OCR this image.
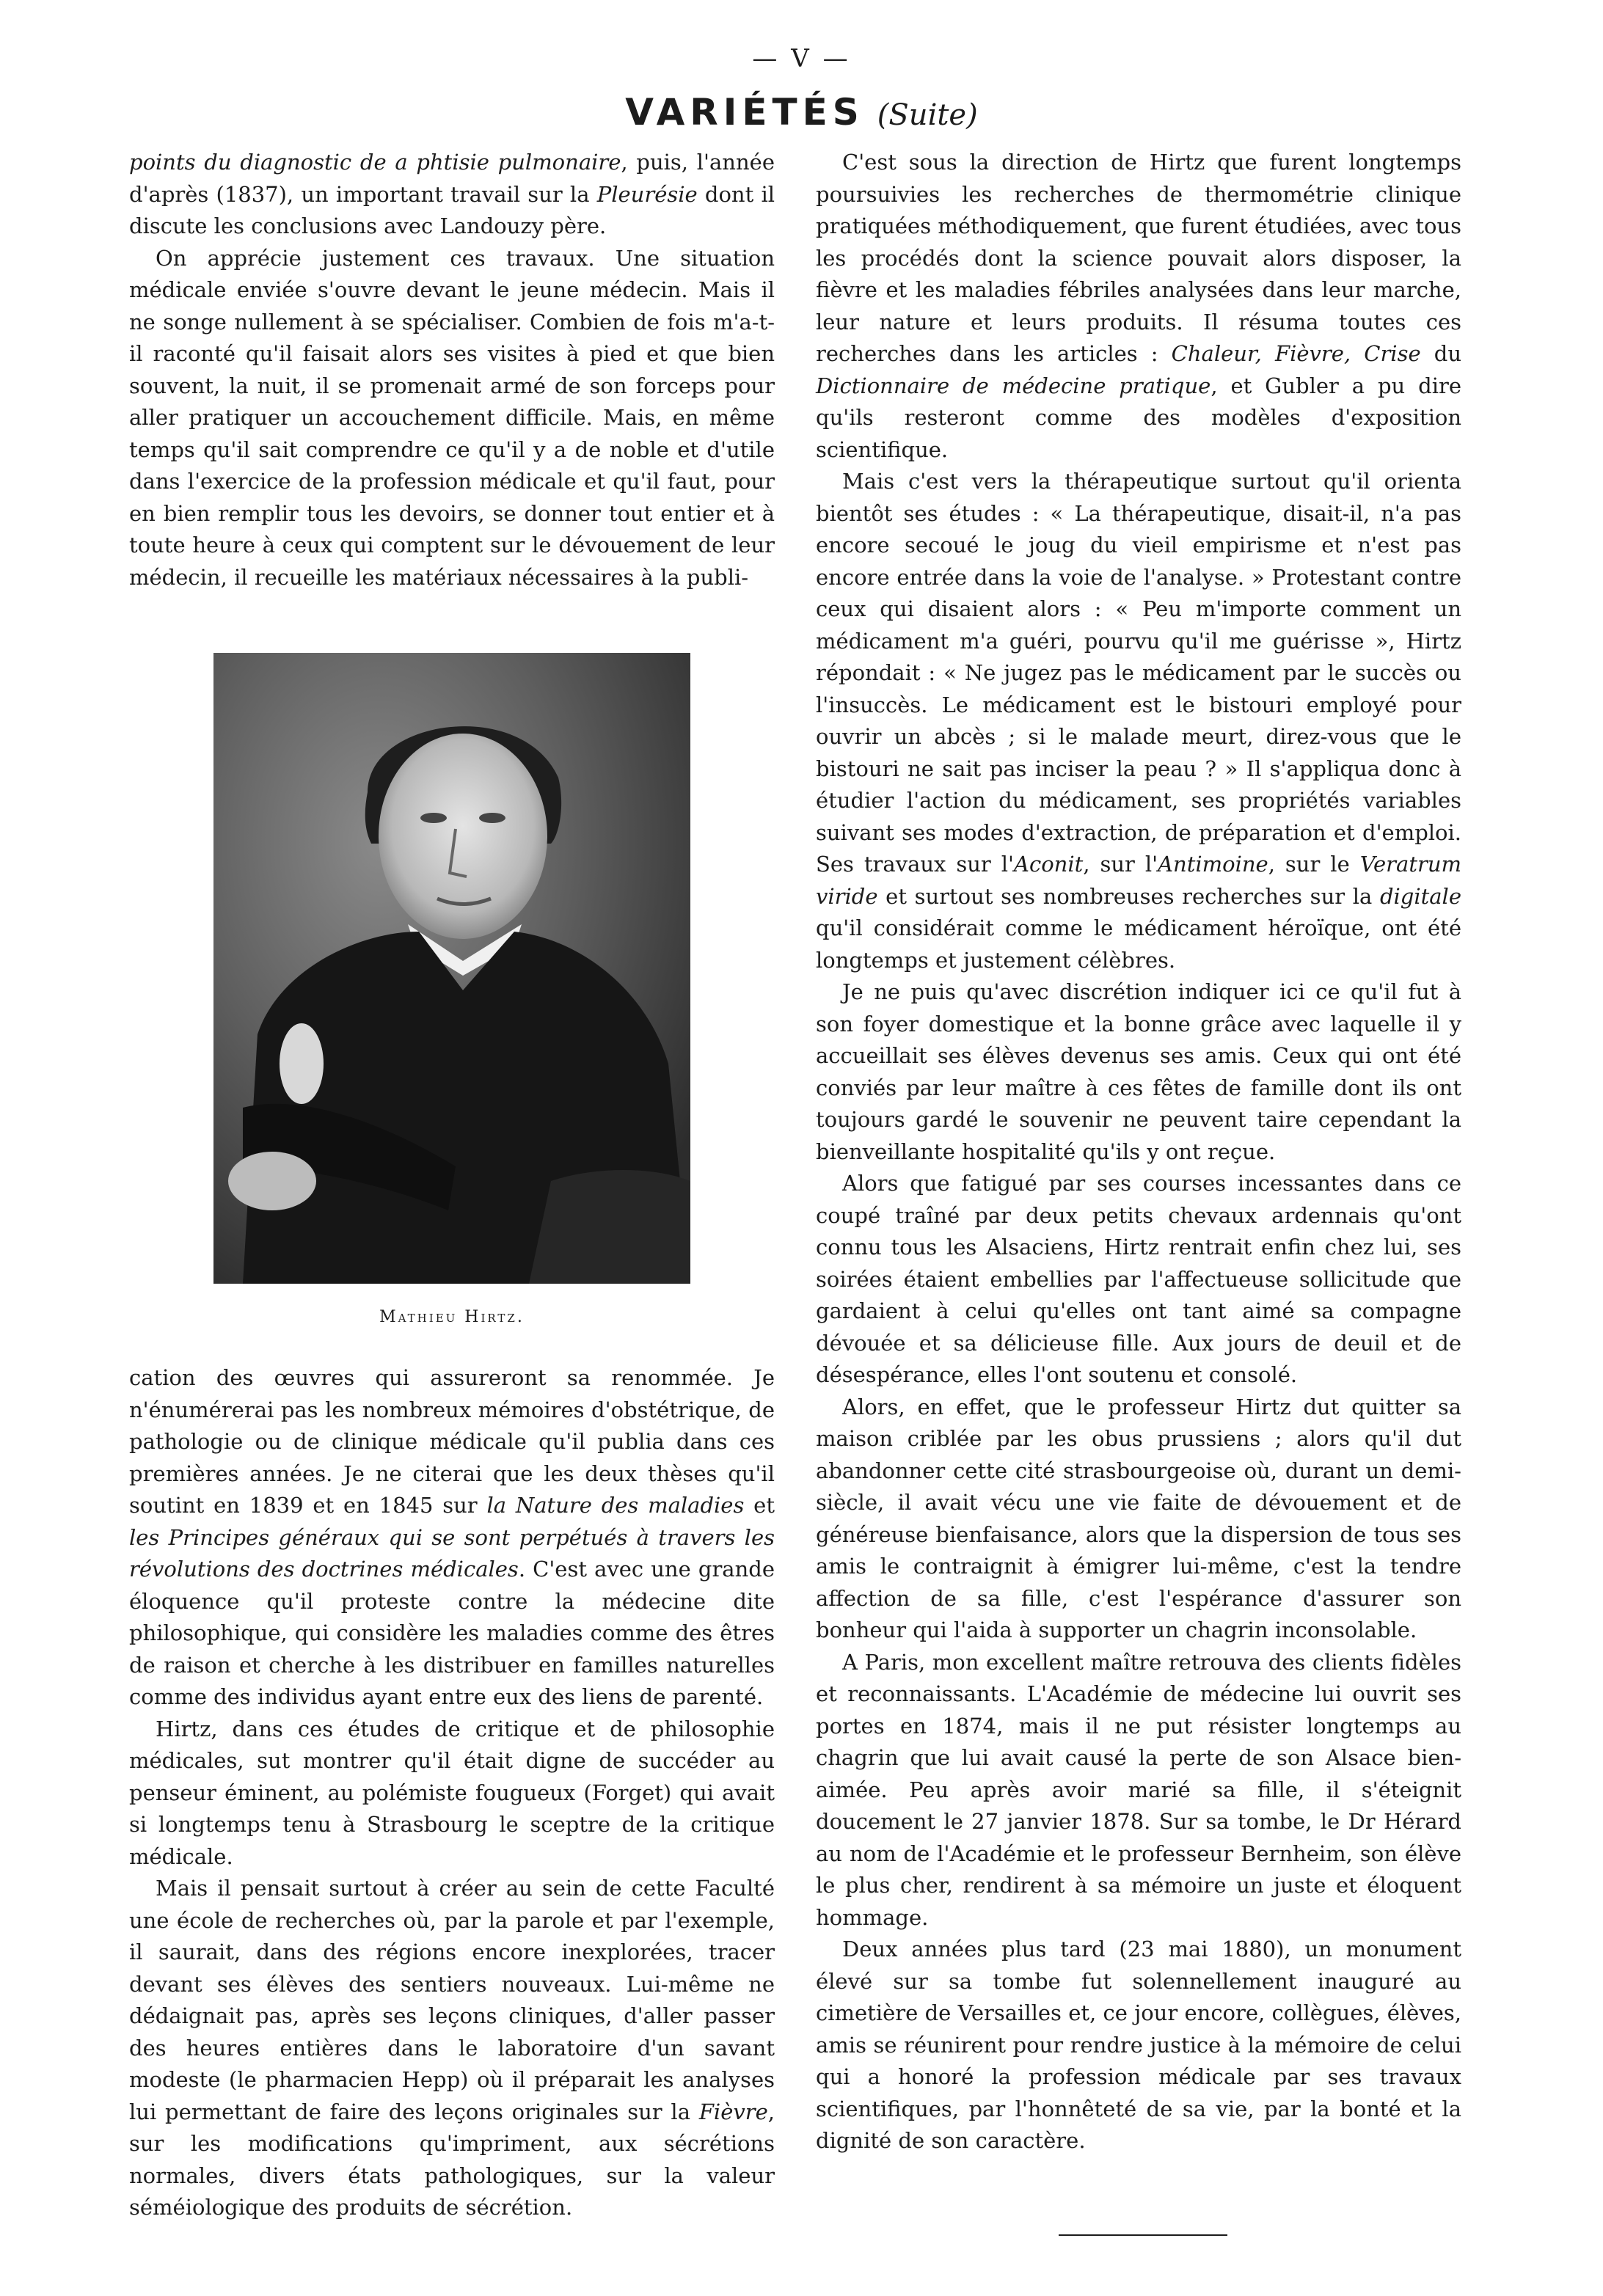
— V —
VARIÉTÉS (Suite)

points du diagnostic de a phtisie pulmonaire, puis, l'année d'après (1837), un important travail sur la Pleurésie dont il discute les conclusions avec Landouzy père.

On apprécie justement ces travaux. Une situation médicale enviée s'ouvre devant le jeune médecin. Mais il ne songe nullement à se spécialiser. Combien de fois m'a-t-il raconté qu'il faisait alors ses visites à pied et que bien souvent, la nuit, il se promenait armé de son forceps pour aller pratiquer un accouchement difficile. Mais, en même temps qu'il sait comprendre ce qu'il y a de noble et d'utile dans l'exercice de la profession médicale et qu'il faut, pour en bien remplir tous les devoirs, se donner tout entier et à toute heure à ceux qui comptent sur le dévouement de leur médecin, il recueille les matériaux nécessaires à la publi-

Mathieu Hirtz.

cation des œuvres qui assureront sa renommée. Je n'énumérerai pas les nombreux mémoires d'obstétrique, de pathologie ou de clinique médicale qu'il publia dans ces premières années. Je ne citerai que les deux thèses qu'il soutint en 1839 et en 1845 sur la Nature des maladies et les Principes généraux qui se sont perpétués à travers les révolutions des doctrines médicales. C'est avec une grande éloquence qu'il proteste contre la médecine dite philosophique, qui considère les maladies comme des êtres de raison et cherche à les distribuer en familles naturelles comme des individus ayant entre eux des liens de parenté.

Hirtz, dans ces études de critique et de philosophie médicales, sut montrer qu'il était digne de succéder au penseur éminent, au polémiste fougueux (Forget) qui avait si longtemps tenu à Strasbourg le sceptre de la critique médicale.

Mais il pensait surtout à créer au sein de cette Faculté une école de recherches où, par la parole et par l'exemple, il saurait, dans des régions encore inexplorées, tracer devant ses élèves des sentiers nouveaux. Lui-même ne dédaignait pas, après ses leçons cliniques, d'aller passer des heures entières dans le laboratoire d'un savant modeste (le pharmacien Hepp) où il préparait les analyses lui permettant de faire des leçons originales sur la Fièvre, sur les modifications qu'impriment, aux sécrétions normales, divers états pathologiques, sur la valeur séméiologique des produits de sécrétion.

C'est sous la direction de Hirtz que furent longtemps poursuivies les recherches de thermométrie clinique pratiquées méthodiquement, que furent étudiées, avec tous les procédés dont la science pouvait alors disposer, la fièvre et les maladies fébriles analysées dans leur marche, leur nature et leurs produits. Il résuma toutes ces recherches dans les articles : Chaleur, Fièvre, Crise du Dictionnaire de médecine pratique, et Gubler a pu dire qu'ils resteront comme des modèles d'exposition scientifique.

Mais c'est vers la thérapeutique surtout qu'il orienta bientôt ses études : « La thérapeutique, disait-il, n'a pas encore secoué le joug du vieil empirisme et n'est pas encore entrée dans la voie de l'analyse. » Protestant contre ceux qui disaient alors : « Peu m'importe comment un médicament m'a guéri, pourvu qu'il me guérisse », Hirtz répondait : « Ne jugez pas le médicament par le succès ou l'insuccès. Le médicament est le bistouri employé pour ouvrir un abcès ; si le malade meurt, direz-vous que le bistouri ne sait pas inciser la peau ? » Il s'appliqua donc à étudier l'action du médicament, ses propriétés variables suivant ses modes d'extraction, de préparation et d'emploi. Ses travaux sur l'Aconit, sur l'Antimoine, sur le Veratrum viride et surtout ses nombreuses recherches sur la digitale qu'il considérait comme le médicament héroïque, ont été longtemps et justement célèbres.

Je ne puis qu'avec discrétion indiquer ici ce qu'il fut à son foyer domestique et la bonne grâce avec laquelle il y accueillait ses élèves devenus ses amis. Ceux qui ont été conviés par leur maître à ces fêtes de famille dont ils ont toujours gardé le souvenir ne peuvent taire cependant la bienveillante hospitalité qu'ils y ont reçue.

Alors que fatigué par ses courses incessantes dans ce coupé traîné par deux petits chevaux ardennais qu'ont connu tous les Alsaciens, Hirtz rentrait enfin chez lui, ses soirées étaient embellies par l'affectueuse sollicitude que gardaient à celui qu'elles ont tant aimé sa compagne dévouée et sa délicieuse fille. Aux jours de deuil et de désespérance, elles l'ont soutenu et consolé.

Alors, en effet, que le professeur Hirtz dut quitter sa maison criblée par les obus prussiens ; alors qu'il dut abandonner cette cité strasbourgeoise où, durant un demi-siècle, il avait vécu une vie faite de dévouement et de généreuse bienfaisance, alors que la dispersion de tous ses amis le contraignit à émigrer lui-même, c'est la tendre affection de sa fille, c'est l'espérance d'assurer son bonheur qui l'aida à supporter un chagrin inconsolable.

A Paris, mon excellent maître retrouva des clients fidèles et reconnaissants. L'Académie de médecine lui ouvrit ses portes en 1874, mais il ne put résister longtemps au chagrin que lui avait causé la perte de son Alsace bien-aimée. Peu après avoir marié sa fille, il s'éteignit doucement le 27 janvier 1878. Sur sa tombe, le Dr Hérard au nom de l'Académie et le professeur Bernheim, son élève le plus cher, rendirent à sa mémoire un juste et éloquent hommage.

Deux années plus tard (23 mai 1880), un monument élevé sur sa tombe fut solennellement inauguré au cimetière de Versailles et, ce jour encore, collègues, élèves, amis se réunirent pour rendre justice à la mémoire de celui qui a honoré la profession médicale par ses travaux scientifiques, par l'honnêteté de sa vie, par la bonté et la dignité de son caractère.
